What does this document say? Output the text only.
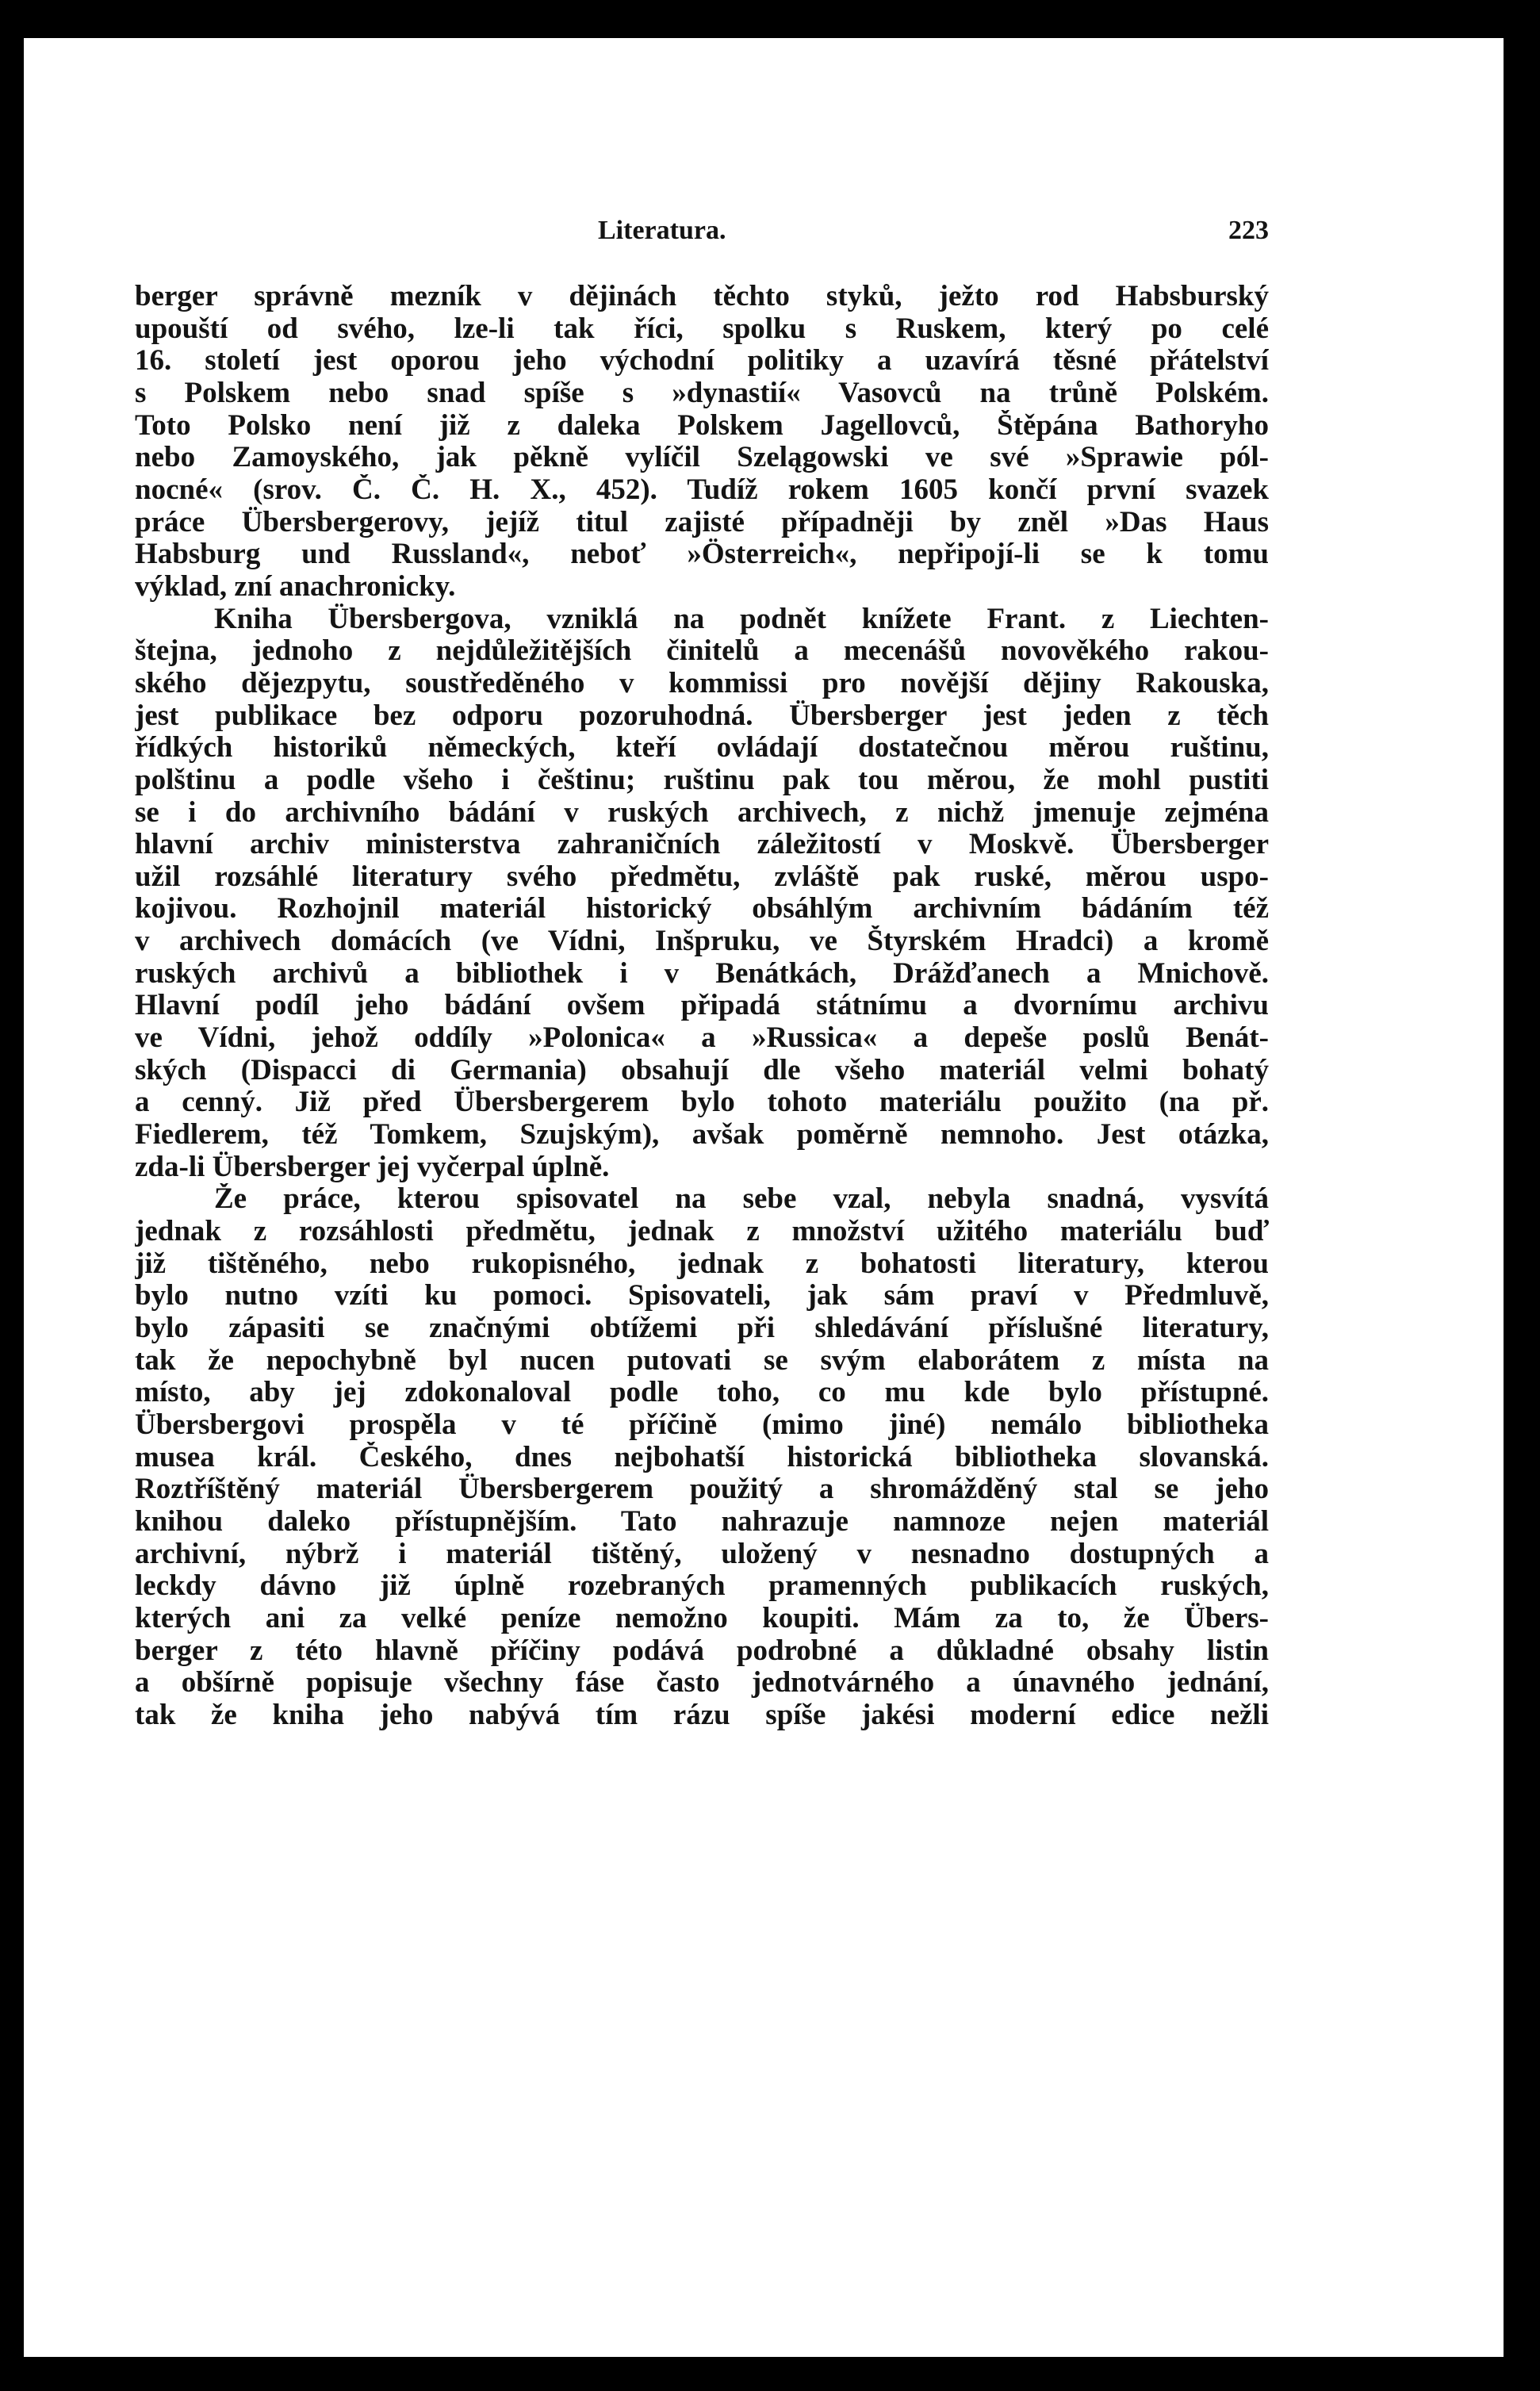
Literatura.	223
berger správně mezník v dějinách těchto styků, ježto rod Habsburský
upouští od svého, lze-li tak říci, spolku s Ruskem, který po celé
16. století jest oporou jeho východní politiky a uzavírá těsné přátelství
s Polskem nebo snad spíše s »dynastií« Vasovců na trůně Polském.
Toto Polsko není již z daleka Polskem Jagellovců, Štěpána Bathoryho
nebo Zamoyského, jak pěkně vylíčil Szelągowski ve své »Sprawie pól-
nocné« (srov. Č. Č. H. X., 452). Tudíž rokem 1605 končí první svazek
práce Übersbergerovy, jejíž titul zajisté případněji by zněl »Das Haus
Habsburg und Russland«, neboť »Österreich«, nepřipojí-li se k tomu
výklad, zní anachronicky.
Kniha Übersbergova, vzniklá na podnět knížete Frant. z Liechten-
štejna, jednoho z nejdůležitějších činitelů a mecenášů novověkého rakou-
ského dějezpytu, soustředěného v kommissi pro novější dějiny Rakouska,
jest publikace bez odporu pozoruhodná. Übersberger jest jeden z těch
řídkých historiků německých, kteří ovládají dostatečnou měrou ruštinu,
polštinu a podle všeho i češtinu; ruštinu pak tou měrou, že mohl pustiti
se i do archivního bádání v ruských archivech, z nichž jmenuje zejména
hlavní archiv ministerstva zahraničních záležitostí v Moskvě. Übersberger
užil rozsáhlé literatury svého předmětu, zvláště pak ruské, měrou uspo-
kojivou. Rozhojnil materiál historický obsáhlým archivním bádáním též
v archivech domácích (ve Vídni, Inšpruku, ve Štyrském Hradci) a kromě
ruských archivů a bibliothek i v Benátkách, Drážďanech a Mnichově.
Hlavní podíl jeho bádání ovšem připadá státnímu a dvornímu archivu
ve Vídni, jehož oddíly »Polonica« a »Russica« a depeše poslů Benát-
ských (Dispacci di Germania) obsahují dle všeho materiál velmi bohatý
a cenný. Již před Übersbergerem bylo tohoto materiálu použito (na př.
Fiedlerem, též Tomkem, Szujským), avšak poměrně nemnoho. Jest otázka,
zda-li Übersberger jej vyčerpal úplně.
Že práce, kterou spisovatel na sebe vzal, nebyla snadná, vysvítá
jednak z rozsáhlosti předmětu, jednak z množství užitého materiálu buď
již tištěného, nebo rukopisného, jednak z bohatosti literatury, kterou
bylo nutno vzíti ku pomoci. Spisovateli, jak sám praví v Předmluvě,
bylo zápasiti se značnými obtížemi při shledávání příslušné literatury,
tak že nepochybně byl nucen putovati se svým elaborátem z místa na
místo, aby jej zdokonaloval podle toho, co mu kde bylo přístupné.
Übersbergovi prospěla v té příčině (mimo jiné) nemálo bibliotheka
musea král. Českého, dnes nejbohatší historická bibliotheka slovanská.
Roztříštěný materiál Übersbergerem použitý a shromážděný stal se jeho
knihou daleko přístupnějším. Tato nahrazuje namnoze nejen materiál
archivní, nýbrž i materiál tištěný, uložený v nesnadno dostupných a
leckdy dávno již úplně rozebraných pramenných publikacích ruských,
kterých ani za velké peníze nemožno koupiti. Mám za to, že Übers-
berger z této hlavně příčiny podává podrobné a důkladné obsahy listin
a obšírně popisuje všechny fáse často jednotvárného a únavného jednání,
tak že kniha jeho nabývá tím rázu spíše jakési moderní edice nežli
